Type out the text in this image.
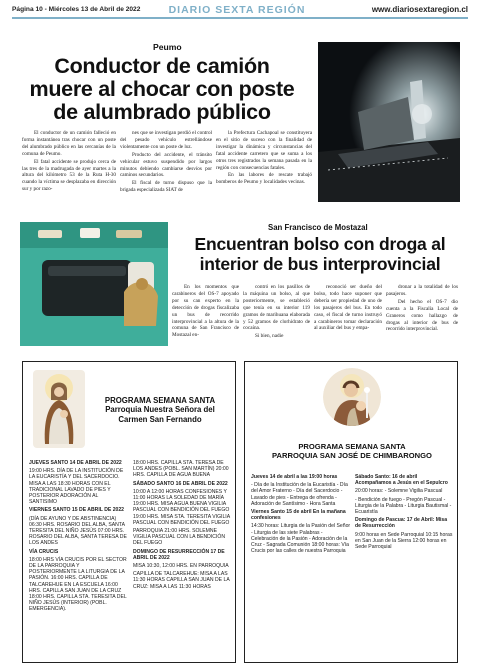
Página 10 - Miércoles 13 de Abril de 2022	DIARIO SEXTA REGIÓN	www.diariosextaregion.cl
Peumo
Conductor de camión
muere al chocar con poste
de alumbrado público

El conductor de un camión falleció en forma instantánea tras chocar con un poste del alumbrado público en las cercanías de la comuna de Peumo.

El fatal accidente se produjo cerca de las tres de la madrugada de ayer martes a la altura del kilómetro 53 de la Ruta H-30 cuando la víctima se desplazaba en dirección sur y por razo-

nes que se investigan perdió el control del pesado vehículo estrellándose violentamente con un poste de luz.

Producto del accidente, el tránsito vehicular estuvo suspendido por largos minutos debiendo cambiarse desvíos por caminos secundarios.

El fiscal de turno dispuso que la brigada especializada SIAT de

la Prefectura Cachapoal se constituyera en el sitio de suceso con la finalidad de investigar la dinámica y circunstancias del fatal accidente carretero que se suma a los otros tres registrados la semana pasada en la región con consecuencias fatales.

En las labores de rescate trabajó bomberos de Peumo y localidades vecinas.

San Francisco de Mostazal
Encuentran bolso con droga al
interior de bus interprovincial

En los momentos que carabineros del OS-7 apoyado por su can experto en la detección de drogas fiscalizaba un bus de recorrido interprovincial a la altura de la comuna de San Francisco de Mostazal en-

contró en los pasillos de la máquina un bolso, al que posteriormente, se estableció que tenía en su interior 119 gramos de marihuana elaborada y 52 gramos de clorhidrato de cocaína.

Si bien, nadie

reconoció ser dueño del bolso, todo hace suponer que debería ser propiedad de uno de los pasajeros del bus. En todo caso, el fiscal de turno instruyó a carabineros tomar declaración al auxiliar del bus y empa-

dronar a la totalidad de los pasajeros.

Del hecho el OS-7 dio cuenta a la Fiscalía Local de Graneros como hallazgo de drogas al interior de bus de recorrido interprovincial.

PROGRAMA SEMANA SANTA
Parroquia Nuestra Señora del
Carmen San Fernando

JUEVES SANTO 14 DE ABRIL DE 2022

19:00 HRS. DÍA DE LA INSTITUCIÓN DE LA EUCARISTÍA Y DEL SACERDOCIO. MISA A LAS 18:30 HORAS CON EL TRADICIONAL LAVADO DE PIES Y POSTERIOR ADORACIÓN AL SANTISIMO

VIERNES SANTO 15 DE ABRIL DE 2022

(DÍA DE AYUNO Y DE ABSTINENCIA) 06:30 HRS. ROSARIO DEL ALBA, SANTA TERESITA DEL NIÑO JESÚS 07:00 HRS. ROSARIO DEL ALBA, SANTA TERESA DE LOS ANDES

VÍA CRUCIS

18:00 HRS VÍA CRUCIS POR EL SECTOR DE LA PARROQUIA Y POSTERIORMENTE LA LITURGIA DE LA PASIÓN. 16:00 HRS. CAPILLA DE TALCAREHUE EN LA ESCUELA 16:00 HRS. CAPILLA SAN JUAN DE LA CRUZ 18:00 HRS. CAPILLA STA. TERESITA DEL NIÑO JESÚS (INTERIOR) (POBL. EMERGENCIA).

18:00 HRS. CAPILLA STA. TERESA DE LOS ANDES (POBL. SAN MARTÍN) 20:00 HRS. CAPILLA DE AGUA BUENA

SÁBADO SANTO 16 DE ABRIL DE 2022

10:00 A 12:00 HORAS CONFESIONES Y 11:00 HORAS LA SOLEDAD DE MARÍA 19:00 HRS. MISA AGUA BUENA VIGILIA PASCUAL CON BENDICIÓN DEL FUEGO 19:00 HRS. MISA STA. TERESITA VIGILIA PASCUAL CON BENDICIÓN DEL FUEGO

PARROQUIA 21:00 HRS. SOLEMNE VIGILIA PASCUAL CON LA BENDICIÓN DEL FUEGO

DOMINGO DE RESURRECCIÓN 17 DE ABRIL DE 2022

MISA 10:30, 12:00 HRS. EN PARROQUIA

CAPILLA DE TALCAREHUE: MISA A LAS 11:30 HORAS CAPILLA SAN JUAN DE LA CRUZ: MISA A LAS 11:30 HORAS

PROGRAMA SEMANA SANTA
PARROQUIA SAN JOSÉ DE CHIMBARONGO

Jueves 14 de abril a las 19:00 horas

- Día de la Institución de la Eucaristía - Día del Amor Fraterno - Día del Sacerdocio - Lavado de pies - Entrega de ofrenda - Adoración de Santísimo - Hora Santa

Viernes Santo 15 de abril En la mañana confesiones

14:30 horas: Liturgia de la Pasión del Señor - Liturgia de las siete Palabras - Celebración de la Pasión - Adoración de la Cruz - Sagrada Comunión 18:00 horas: Vía Crucis por las calles de nuestra Parroquia

Sábado Santo: 16 de abril Acompañamos a Jesús en el Sepulcro

20:00 horas: - Solemne Vigilia Pascual

- Bendición de fuego - Pregón Pascual - Liturgia de la Palabra - Liturgia Bautismal - Ecuaristía

Domingo de Pascua: 17 de Abril: Misa de Resurrección

9:00 horas en Sede Parroquial 10:15 horas en San Juan de la Sierra 12:00 horas en Sede Parroquial
